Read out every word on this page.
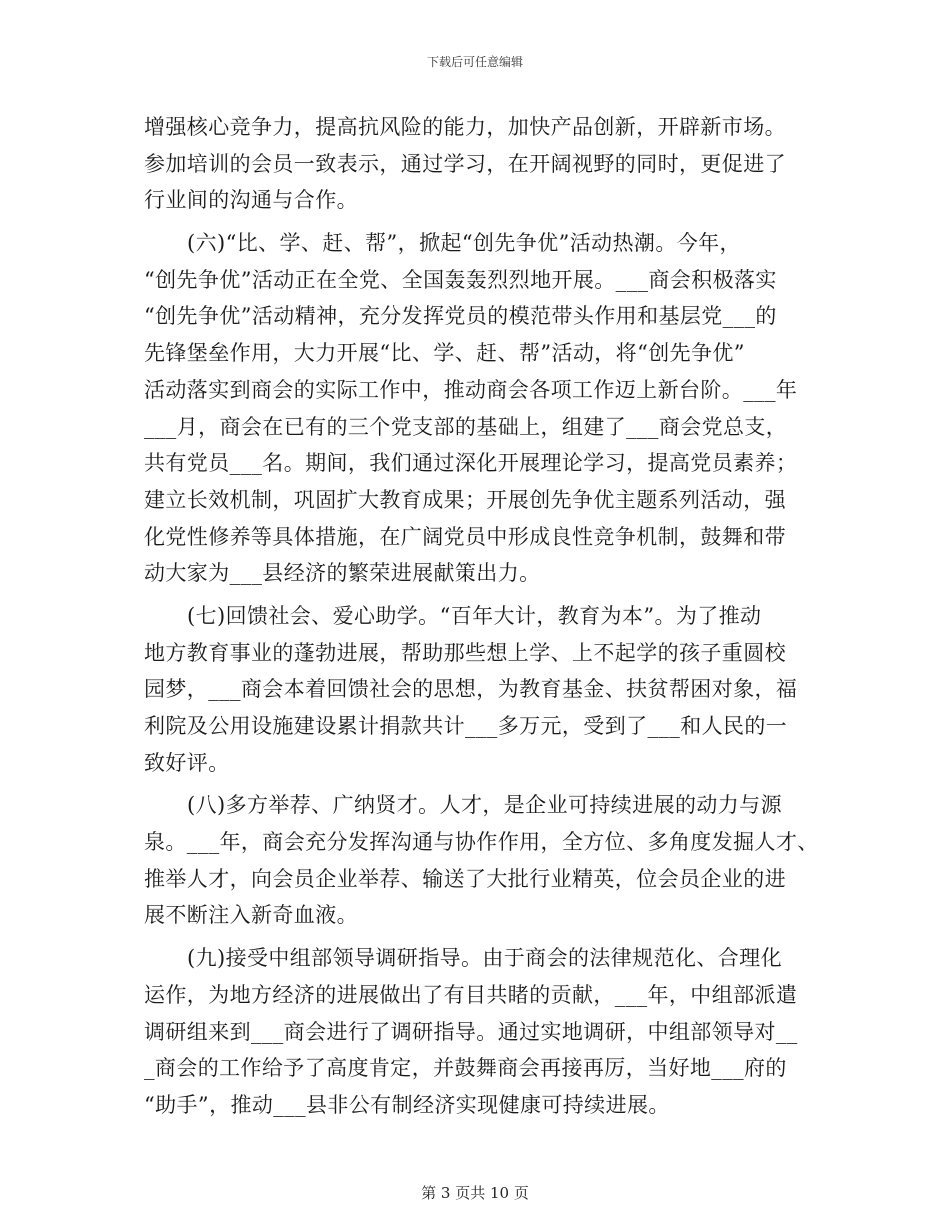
下载后可任意编辑
增强核心竞争力，提高抗风险的能力，加快产品创新，开辟新市场。
参加培训的会员一致表示，通过学习，在开阔视野的同时，更促进了
行业间的沟通与合作。
(六)“比、学、赶、帮”，掀起“创先争优”活动热潮。今年，
“创先争优”活动正在全党、全国轰轰烈烈地开展。___商会积极落实
“创先争优”活动精神，充分发挥党员的模范带头作用和基层党___的
先锋堡垒作用，大力开展“比、学、赶、帮”活动，将“创先争优”
活动落实到商会的实际工作中，推动商会各项工作迈上新台阶。___年
___月，商会在已有的三个党支部的基础上，组建了___商会党总支，
共有党员___名。期间，我们通过深化开展理论学习，提高党员素养；
建立长效机制，巩固扩大教育成果；开展创先争优主题系列活动，强
化党性修养等具体措施，在广阔党员中形成良性竞争机制，鼓舞和带
动大家为___县经济的繁荣进展献策出力。
(七)回馈社会、爱心助学。“百年大计，教育为本”。为了推动
地方教育事业的蓬勃进展，帮助那些想上学、上不起学的孩子重圆校
园梦，___商会本着回馈社会的思想，为教育基金、扶贫帮困对象，福
利院及公用设施建设累计捐款共计___多万元，受到了___和人民的一
致好评。
(八)多方举荐、广纳贤才。人才，是企业可持续进展的动力与源
泉。___年，商会充分发挥沟通与协作作用，全方位、多角度发掘人才、
推举人才，向会员企业举荐、输送了大批行业精英，位会员企业的进
展不断注入新奇血液。
(九)接受中组部领导调研指导。由于商会的法律规范化、合理化
运作，为地方经济的进展做出了有目共睹的贡献，___年，中组部派遣
调研组来到___商会进行了调研指导。通过实地调研，中组部领导对__
_商会的工作给予了高度肯定，并鼓舞商会再接再厉，当好地___府的
“助手”，推动___县非公有制经济实现健康可持续进展。
第 3 页共 10 页
